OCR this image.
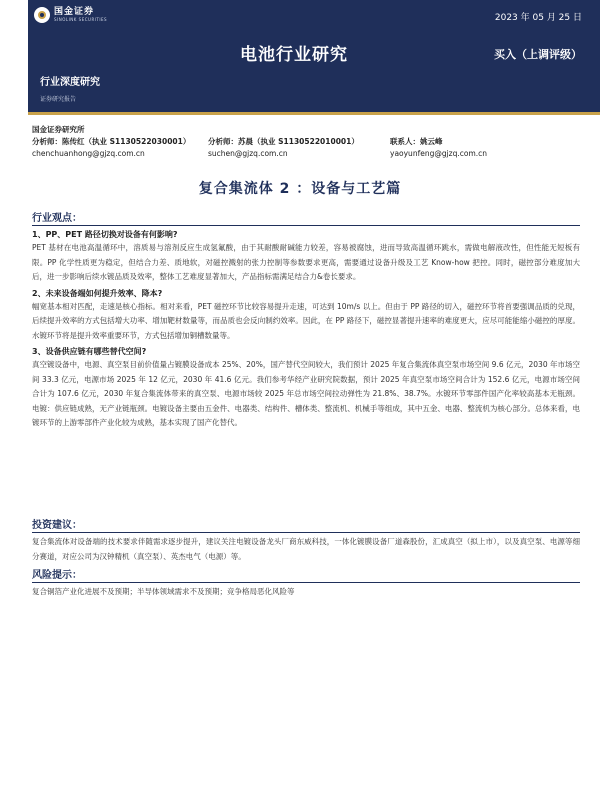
国金证券
SINOLINK SECURITIES	2023 年 05 月 25 日
电池行业研究	买入（上调评级）
行业深度研究
证券研究报告
国金证券研究所
分析师：陈传红（执业 S1130522030001）	分析师：苏晨（执业 S1130522010001）	联系人：姚云峰
chenchuanhong@gjzq.com.cn	suchen@gjzq.com.cn	yaoyunfeng@gjzq.com.cn
复合集流体 2 ：设备与工艺篇
行业观点：
1、PP、PET 路径切换对设备有何影响?
PET 基材在电池高温循环中，溶质易与溶剂反应生成氢氟酸，由于其耐酸耐碱能力较差，容易被腐蚀，进而导致高温循环跳水，需做电解液改性，但性能无短板有限。PP 化学性质更为稳定，但结合力差、质地软，对磁控溅射的张力控制等参数要求更高，需要通过设备升级及工艺 Know-how 把控。同时，磁控部分难度加大后，进一步影响后续水镀品质及效率，整体工艺难度显著加大，产品指标需满足结合力&卷长要求。
2、未来设备端如何提升效率、降本?
幅宽基本相对匹配，走速是核心指标。相对来看，PET 磁控环节比较容易提升走速，可达到 10m/s 以上。但由于 PP 路径的切入，磁控环节将首要强调品质的兑现，后续提升效率的方式包括增大功率、增加靶材数量等，而品质也会反向制约效率。因此，在 PP 路径下，磁控显著提升速率的难度更大，应尽可能能缩小磁控的厚度。水镀环节将是提升效率重要环节，方式包括增加铜槽数量等。
3、设备供应链有哪些替代空间?
真空镀设备中，电源、真空泵目前价值量占镀膜设备成本 25%、20%，国产替代空间较大，我们预计 2025 年复合集流体真空泵市场空间 9.6 亿元，2030 年市场空间 33.3 亿元，电源市场 2025 年 12 亿元，2030 年 41.6 亿元。我们参考华经产业研究院数据，预计 2025 年真空泵市场空间合计为 152.6 亿元，电源市场空间合计为 107.6 亿元，2030 年复合集流体带来的真空泵、电源市场较 2025 年总市场空间拉动弹性为 21.8%、38.7%。水镀环节零部件国产化率较高基本无瓶颈。电镀：供应链成熟，无产业链瓶颈。电镀设备主要由五金件、电器类、结构件、槽体类、整流机、机械手等组成，其中五金、电器、整流机为核心部分。总体来看，电镀环节的上游零部件产业化较为成熟，基本实现了国产化替代。
投资建议：
复合集流体对设备端的技术要求伴随需求逐步提升，建议关注电镀设备龙头厂商东威科技，一体化镀膜设备厂道森股份，汇成真空（拟上市），以及真空泵、电源等细分赛道，对应公司为汉钟精机（真空泵）、英杰电气（电源）等。
风险提示：
复合铜箔产业化进展不及预期；半导体领域需求不及预期；竞争格局恶化风险等
